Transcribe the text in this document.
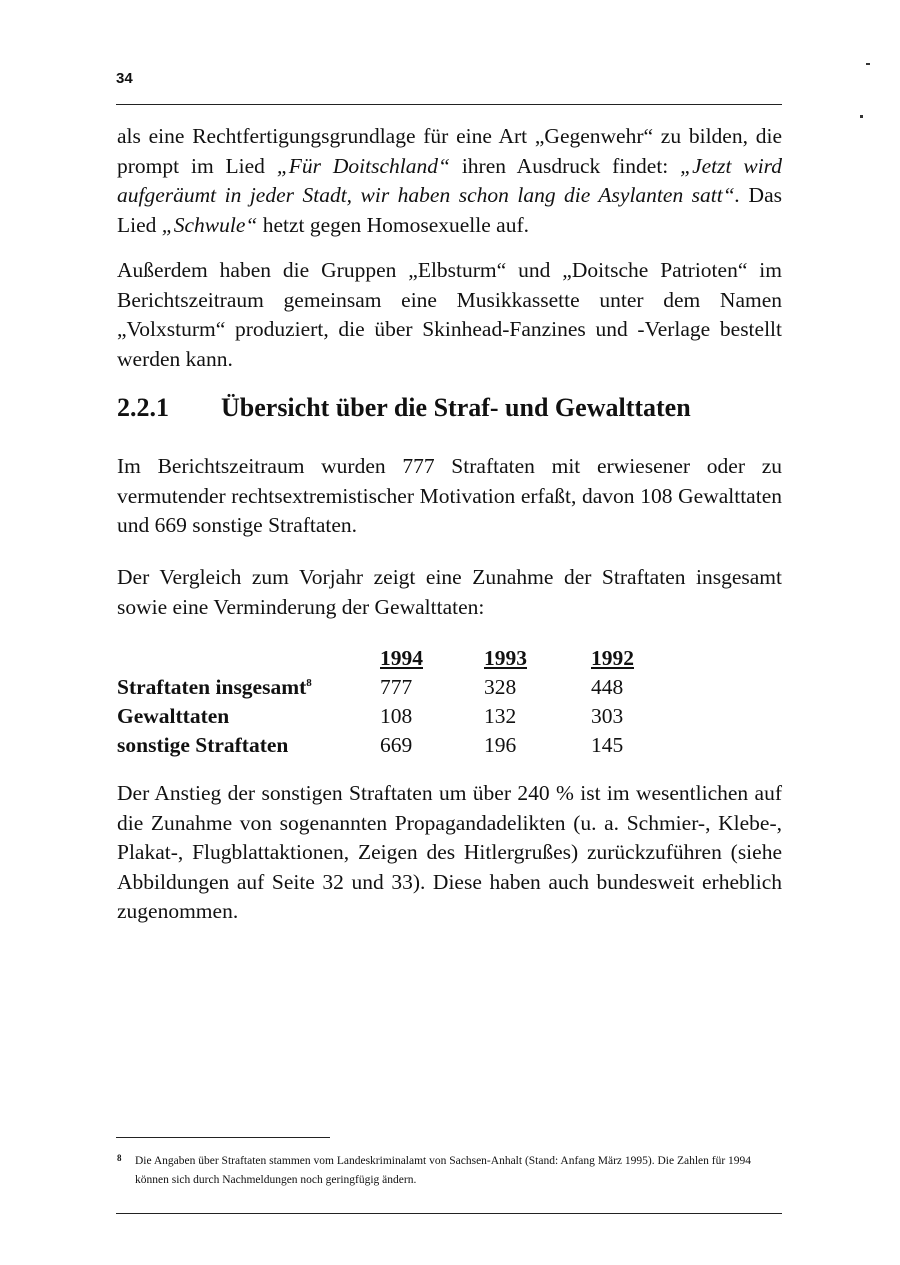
34

als eine Rechtfertigungsgrundlage für eine Art „Gegenwehr“ zu bilden, die prompt im Lied „Für Doitschland“ ihren Ausdruck findet: „Jetzt wird aufgeräumt in jeder Stadt, wir haben schon lang die Asylanten satt“. Das Lied „Schwule“ hetzt gegen Homosexuelle auf.

Außerdem haben die Gruppen „Elbsturm“ und „Doitsche Patrioten“ im Berichtszeitraum gemeinsam eine Musikkassette unter dem Namen „Volxsturm“ produziert, die über Skinhead-Fanzines und -Verlage bestellt werden kann.

2.2.1 Übersicht über die Straf- und Gewalttaten

Im Berichtszeitraum wurden 777 Straftaten mit erwiesener oder zu vermutender rechtsextremistischer Motivation erfaßt, davon 108 Gewalttaten und 669 sonstige Straftaten.

Der Vergleich zum Vorjahr zeigt eine Zunahme der Straftaten insgesamt sowie eine Verminderung der Gewalttaten:

	1994	1993	1992
Straftaten insgesamt$^8$	777	328	448
Gewalttaten	108	132	303
sonstige Straftaten	669	196	145

Der Anstieg der sonstigen Straftaten um über 240 % ist im wesentlichen auf die Zunahme von sogenannten Propagandadelikten (u. a. Schmier-, Klebe-, Plakat-, Flugblattaktionen, Zeigen des Hitlergrußes) zurückzuführen (siehe Abbildungen auf Seite 32 und 33). Diese haben auch bundesweit erheblich zugenommen.

8	Die Angaben über Straftaten stammen vom Landeskriminalamt von Sachsen-Anhalt (Stand: Anfang März 1995). Die Zahlen für 1994 können sich durch Nachmeldungen noch geringfügig ändern.
